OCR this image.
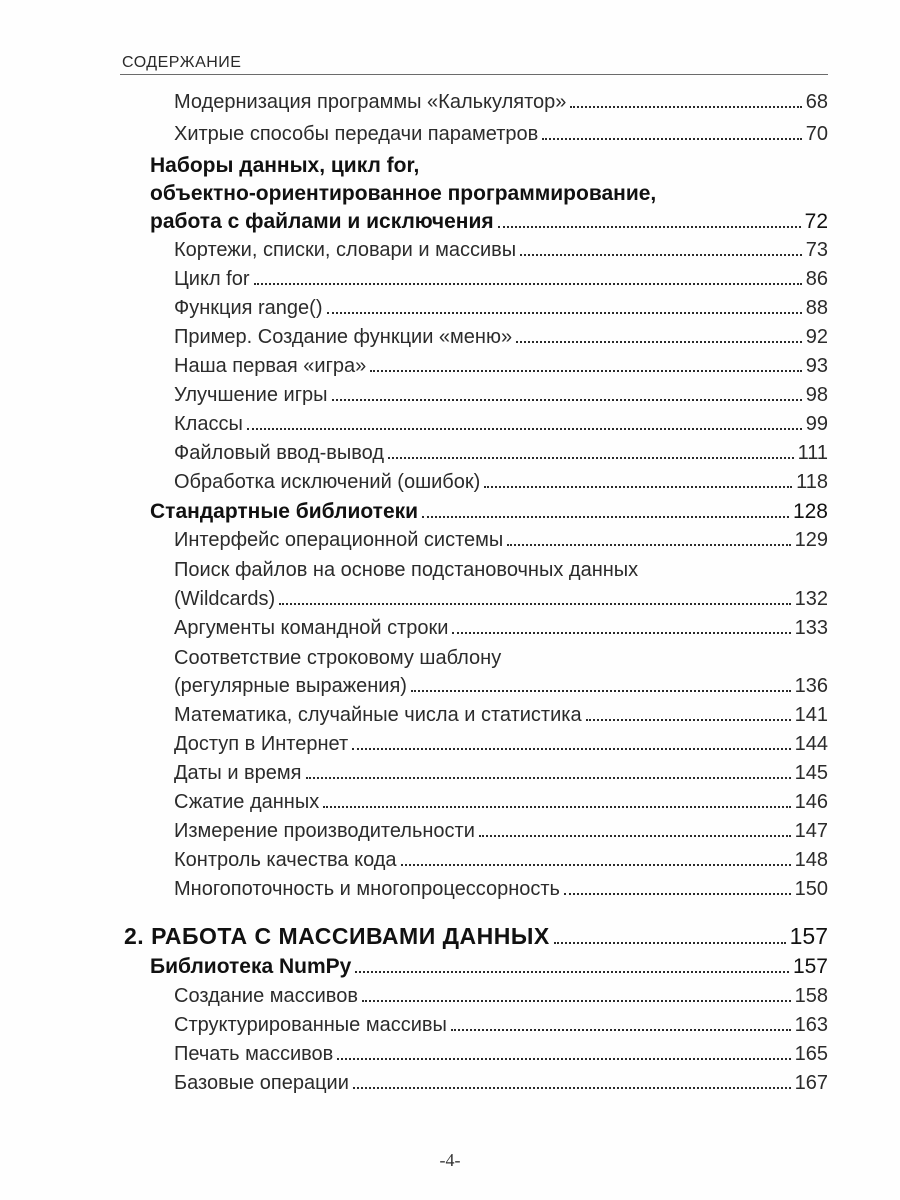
СОДЕРЖАНИЕ
Модернизация программы «Калькулятор»	68
Хитрые способы передачи параметров	70
Наборы данных, цикл for,
объектно-ориентированное программирование,
работа с файлами и исключения	72
Кортежи, списки, словари и массивы	73
Цикл for	86
Функция range()	88
Пример. Создание функции «меню»	92
Наша первая «игра»	93
Улучшение игры	98
Классы	99
Файловый ввод-вывод	111
Обработка исключений (ошибок)	118
Стандартные библиотеки	128
Интерфейс операционной системы	129
Поиск файлов на основе подстановочных данных
(Wildcards)	132
Аргументы командной строки	133
Соответствие строковому шаблону
(регулярные выражения)	136
Математика, случайные числа и статистика	141
Доступ в Интернет	144
Даты и время	145
Сжатие данных	146
Измерение производительности	147
Контроль качества кода	148
Многопоточность и многопроцессорность	150
2. РАБОТА С МАССИВАМИ ДАННЫХ	157
Библиотека NumPy	157
Создание массивов	158
Структурированные массивы	163
Печать массивов	165
Базовые операции	167
-4-
